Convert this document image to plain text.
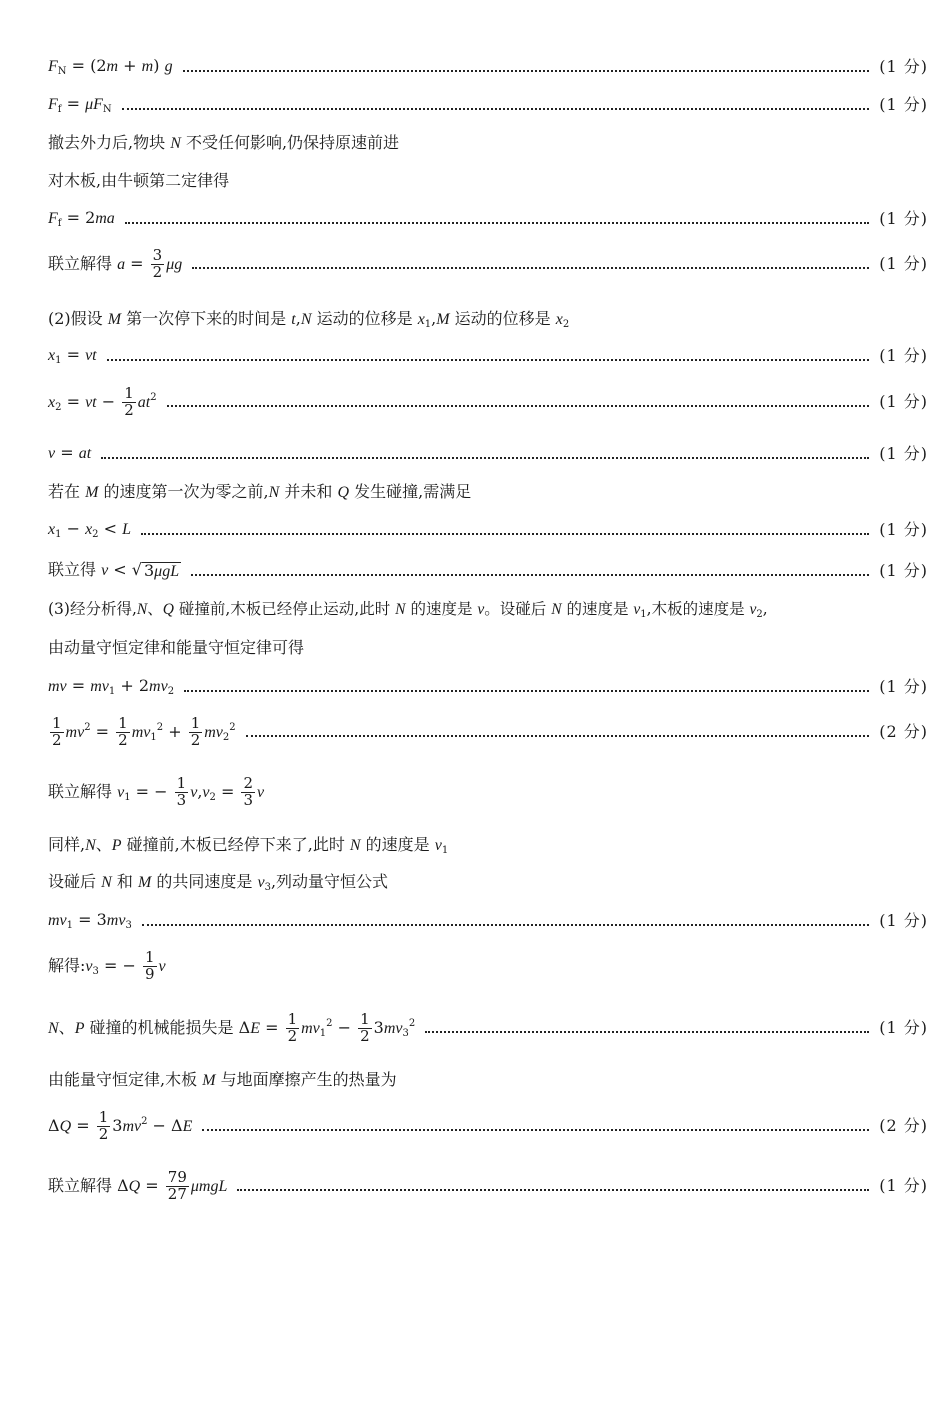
$F_N = (2m + m)$ g	(1 分)
$F_f = \mu F_N$	(1 分)
撤去外力后,物块 N 不受任何影响,仍保持原速前进
对木板,由牛顿第二定律得
$F_f = 2ma$	(1 分)
联立解得 $a = \frac{3}{2}$ μg	(1 分)
(2)假设 M 第一次停下来的时间是 t,N 运动的位移是 $x_1,M$ 运动的位移是 $x_2$
$x_1$ = vt	(1 分)
$x_2$ = vt − $\frac{1}{2} at^2$	(1 分)
v = at	(1 分)
若在 M 的速度第一次为零之前,N 并未和 Q 发生碰撞,需满足
$x_1 - x_2 < L$	(1 分)
联立得 v < √ 3μgL	(1 分)
(3)经分析得,N、Q 碰撞前,木板已经停止运动,此时 N 的速度是 v。设碰后 N 的速度是 $v_1$,木板的速度是 $v_2$,
由动量守恒定律和能量守恒定律可得
mv = $mv_1 + 2mv_2$	(1 分)
$\frac{1}{2} mv^2 = \frac{1}{2} mv_1^2 + \frac{1}{2} mv_2^2$	(2 分)
联立解得 $v_1$ = − $\frac{1}{3} v,v_2 = \frac{2}{3}$ v
同样,N、P 碰撞前,木板已经停下来了,此时 N 的速度是 $v_1$
设碰后 N 和 M 的共同速度是 $v_3$,列动量守恒公式
$mv_1 = 3mv_3$	(1 分)
解得$:v_3$ = − $\frac{1}{9}$ v
N、P 碰撞的机械能损失是 $\Delta E = \frac{1}{2} mv_1^2 - \frac{1}{2} 3mv_3^2$	(1 分)
由能量守恒定律,木板 M 与地面摩擦产生的热量为
$\Delta Q = \frac{1}{2} 3mv^2 - \Delta E$	(2 分)
联立解得 $\Delta Q = \frac{79}{27}$ μmgL	(1 分)
